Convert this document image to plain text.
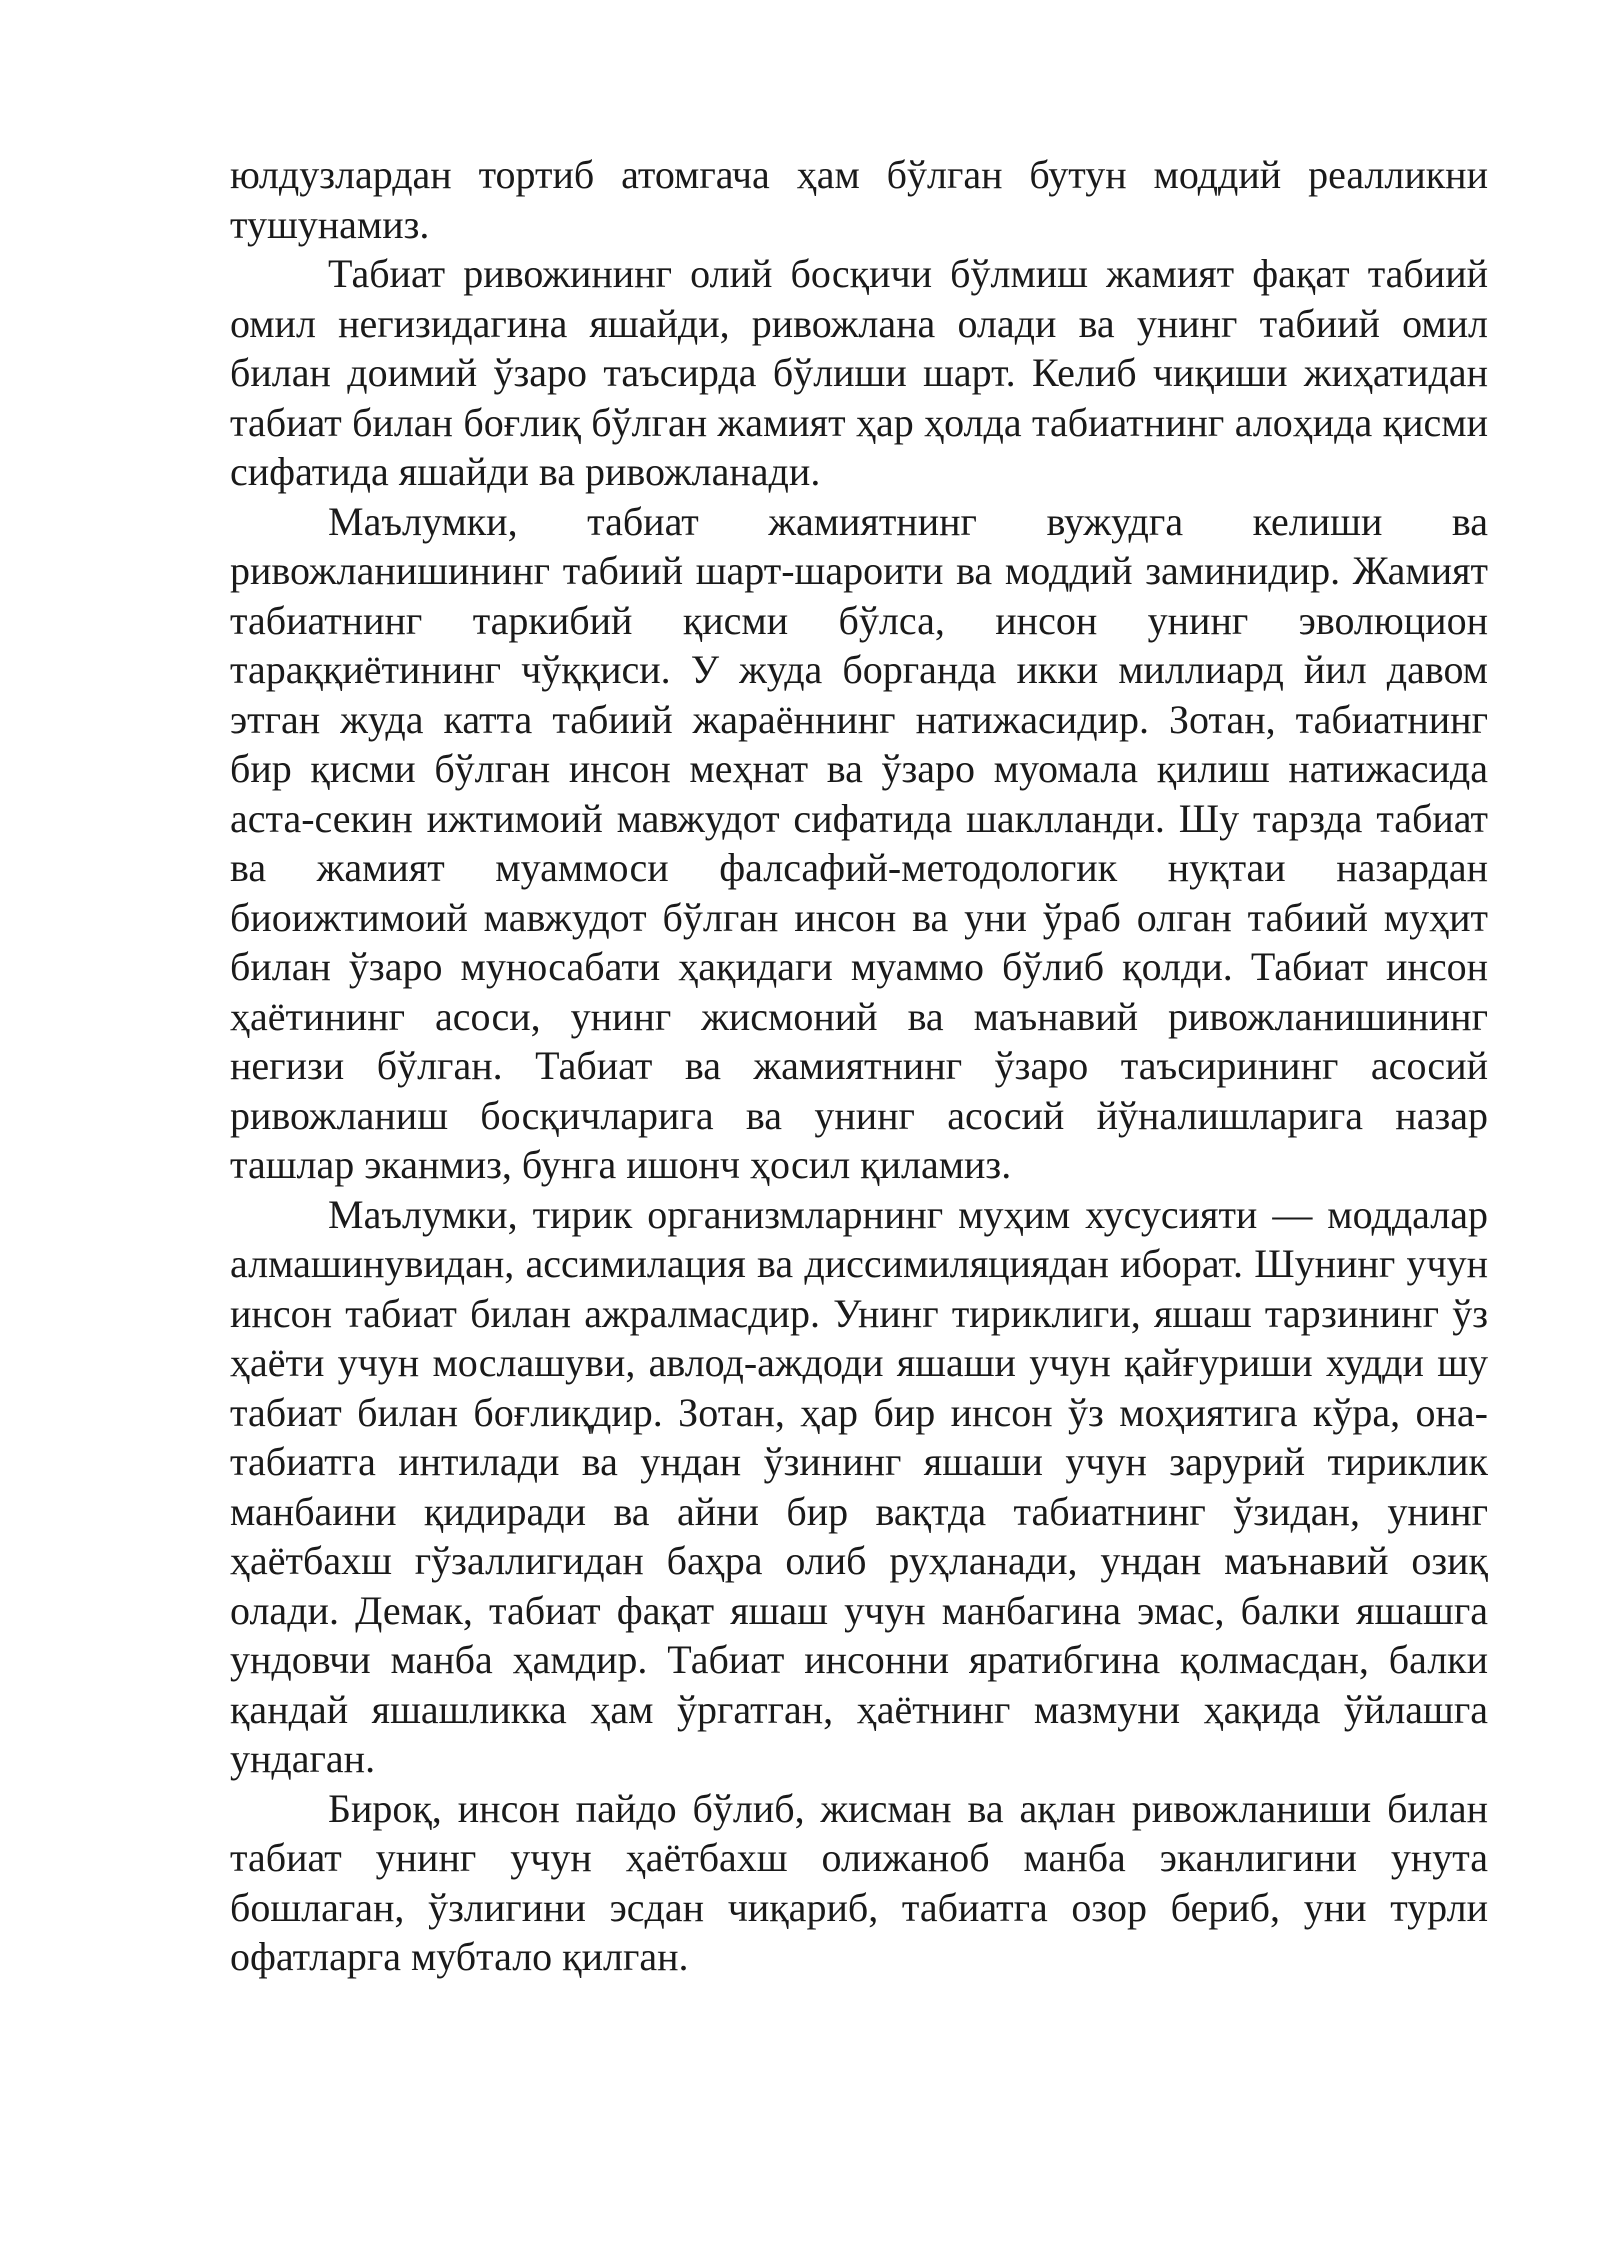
юлдузлардан тортиб атомгача ҳам бўлган бутун моддий реалликни тушунамиз.

Табиат ривожининг олий босқичи бўлмиш жамият фақат табиий омил негизидагина яшайди, ривожлана олади ва унинг табиий омил билан доимий ўзаро таъсирда бўлиши шарт. Келиб чиқиши жиҳатидан табиат билан боғлиқ бўлган жамият ҳар ҳолда табиатнинг алоҳида қисми сифатида яшайди ва ривожланади.

Маълумки, табиат жамиятнинг вужудга келиши ва ривожланишининг табиий шарт-шароити ва моддий заминидир. Жамият табиатнинг таркибий қисми бўлса, инсон унинг эволюцион тараққиётининг чўққиси. У жуда борганда икки миллиард йил давом этган жуда катта табиий жараённинг натижасидир. Зотан, табиатнинг бир қисми бўлган инсон меҳнат ва ўзаро муомала қилиш натижасида аста-секин ижтимоий мавжудот сифатида шаклланди. Шу тарзда табиат ва жамият муаммоси фалсафий-методологик нуқтаи назардан биоижтимоий мавжудот бўлган инсон ва уни ўраб олган табиий муҳит билан ўзаро муносабати ҳақидаги муаммо бўлиб қолди. Табиат инсон ҳаётининг асоси, унинг жисмоний ва маънавий ривожланишининг негизи бўлган. Табиат ва жамиятнинг ўзаро таъсирининг асосий ривожланиш босқичларига ва унинг асосий йўналишларига назар ташлар эканмиз, бунга ишонч ҳосил қиламиз.

Маълумки, тирик организмларнинг муҳим хусусияти — моддалар алмашинувидан, ассимилация ва диссимиляциядан иборат. Шунинг учун инсон табиат билан ажралмасдир. Унинг тириклиги, яшаш тарзининг ўз ҳаёти учун мослашуви, авлод-аждоди яшаши учун қайғуриши худди шу табиат билан боғлиқдир. Зотан, ҳар бир инсон ўз моҳиятига кўра, она-табиатга интилади ва ундан ўзининг яшаши учун зарурий тириклик манбаини қидиради ва айни бир вақтда табиатнинг ўзидан, унинг ҳаётбахш гўзаллигидан баҳра олиб руҳланади, ундан маънавий озиқ олади. Демак, табиат фақат яшаш учун манбагина эмас, балки яшашга ундовчи манба ҳамдир. Табиат инсонни яратибгина қолмасдан, балки қандай яшашликка ҳам ўргатган, ҳаётнинг мазмуни ҳақида ўйлашга ундаган.

Бироқ, инсон пайдо бўлиб, жисман ва ақлан ривожланиши билан табиат унинг учун ҳаётбахш олижаноб манба эканлигини унута бошлаган, ўзлигини эсдан чиқариб, табиатга озор бериб, уни турли офатларга мубтало қилган.
